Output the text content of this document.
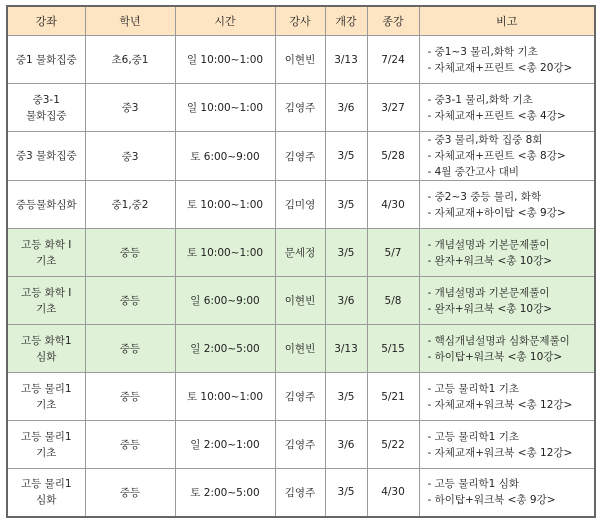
강좌	학년	시간	강사	개강	종강	비고

중1 물화집중	초6,중1	일 10:00~1:00	이현빈	3/13	7/24	- 중1~3 물리,화학 기초
- 자체교재+프린트 <총 20강>

중3-1
물화집중	중3	일 10:00~1:00	김영주	3/6	3/27	- 중3-1 물리,화학 기초
- 자체교재+프린트 <총 4강>

중3 물화집중	중3	토 6:00~9:00	김영주	3/5	5/28	- 중3 물리,화학 집중 8회
- 자체교재+프린트 <총 8강>
- 4월 중간고사 대비

중등물화심화	중1,중2	토 10:00~1:00	김미영	3/5	4/30	- 중2~3 중등 물리, 화학
- 자체교재+하이탑 <총 9강>

고등 화학 I
기초	중등	토 10:00~1:00	문세정	3/5	5/7	- 개념설명과 기본문제풀이
- 완자+워크북 <총 10강>

고등 화학 I
기초	중등	일 6:00~9:00	이현빈	3/6	5/8	- 개념설명과 기본문제풀이
- 완자+워크북 <총 10강>

고등 화학1
심화	중등	일 2:00~5:00	이현빈	3/13	5/15	- 핵심개념설명과 심화문제풀이
- 하이탑+워크북 <총 10강>

고등 물리1
기초	중등	토 10:00~1:00	김영주	3/5	5/21	- 고등 물리학1 기초
- 자체교재+워크북 <총 12강>

고등 물리1
기초	중등	일 2:00~1:00	김영주	3/6	5/22	- 고등 물리학1 기초
- 자체교재+워크북 <총 12강>

고등 물리1
심화	중등	토 2:00~5:00	김영주	3/5	4/30	- 고등 물리학1 심화
- 하이탑+워크북 <총 9강>
